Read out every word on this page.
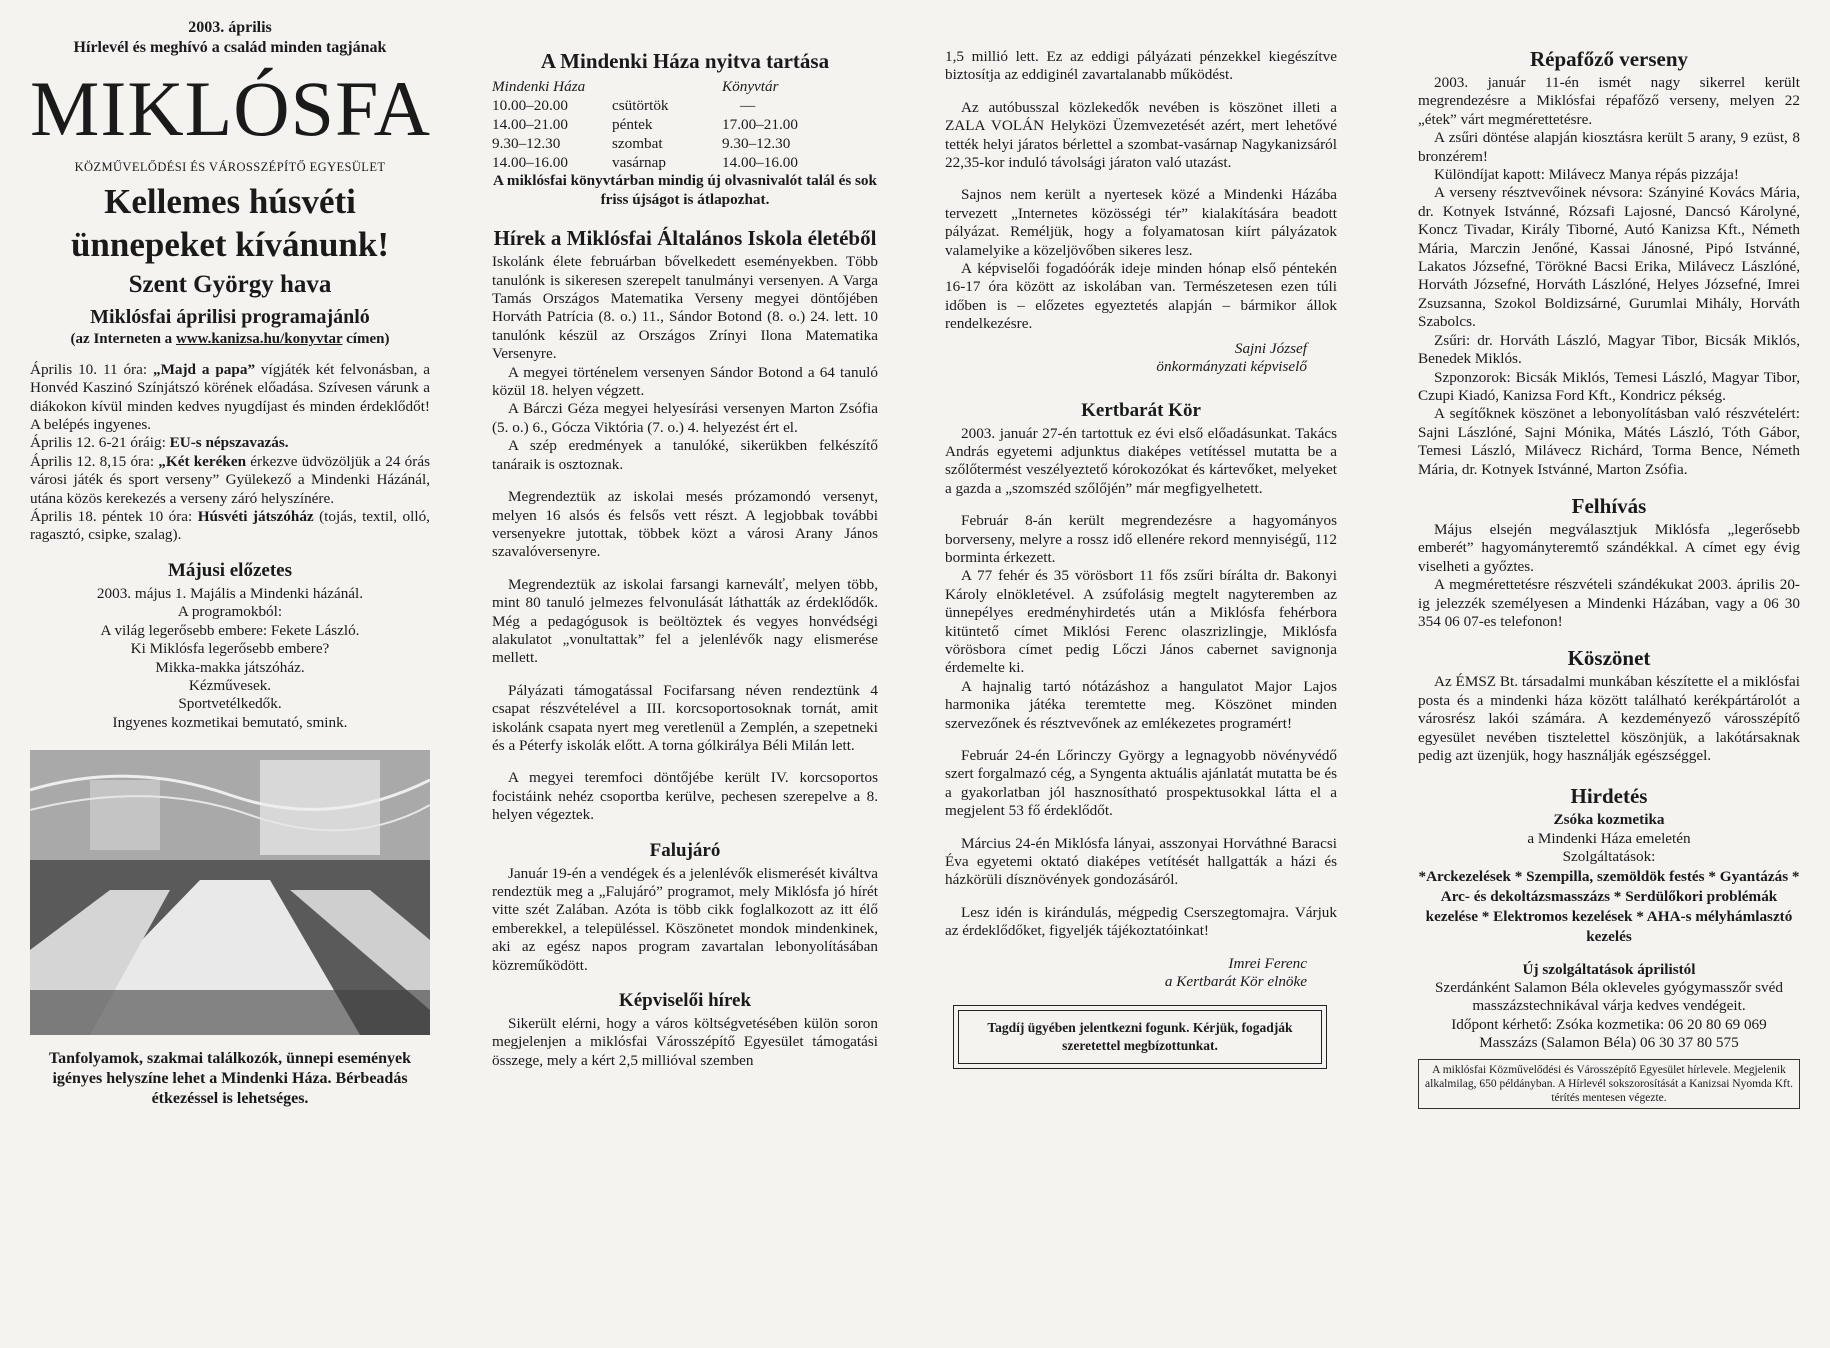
2003. április
Hírlevél és meghívó a család minden tagjának
MIKLÓSFA
KÖZMŰVELŐDÉSI ÉS VÁROSSZÉPÍTŐ EGYESÜLET
Kellemes húsvéti
ünnepeket kívánunk!
Szent György hava
Miklósfai áprilisi programajánló
(az Interneten a www.kanizsa.hu/konyvtar címen)

Április 10. 11 óra: „Majd a papa” vígjáték két felvonásban, a Honvéd Kaszinó Színjátszó körének előadása. Szívesen várunk a diákokon kívül minden kedves nyugdíjast és minden érdeklődőt! A belépés ingyenes.

Április 12. 6-21 óráig: EU-s népszavazás.

Április 12. 8,15 óra: „Két keréken érkezve üdvözöljük a 24 órás városi játék és sport verseny” Gyülekező a Mindenki Házánál, utána közös kerekezés a verseny záró helyszínére.

Április 18. péntek 10 óra: Húsvéti játszóház (tojás, textil, olló, ragasztó, csipke, szalag).

Májusi előzetes
2003. május 1. Majális a Mindenki házánál.
A programokból:
A világ legerősebb embere: Fekete László.
Ki Miklósfa legerősebb embere?
Mikka-makka játszóház.
Kézművesek.
Sportvetélkedők.
Ingyenes kozmetikai bemutató, smink.
Tanfolyamok, szakmai találkozók, ünnepi események igényes helyszíne lehet a Mindenki Háza. Bérbeadás étkezéssel is lehetséges.
A Mindenki Háza nyitva tartása
Mindenki Háza		Könyvtár
10.00–20.00	csütörtök	—
14.00–21.00	péntek	17.00–21.00
9.30–12.30	szombat	9.30–12.30
14.00–16.00	vasárnap	14.00–16.00
A miklósfai könyvtárban mindig új olvasnivalót talál és sok friss újságot is átlapozhat.
Hírek a Miklósfai Általános Iskola életéből

Iskolánk élete februárban bővelkedett eseményekben. Több tanulónk is sikeresen szerepelt tanulmányi versenyen. A Varga Tamás Országos Matematika Verseny megyei döntőjében Horváth Patrícia (8. o.) 11., Sándor Botond (8. o.) 24. lett. 10 tanulónk készül az Országos Zrínyi Ilona Matematika Versenyre.

A megyei történelem versenyen Sándor Botond a 64 tanuló közül 18. helyen végzett.

A Bárczi Géza megyei helyesírási versenyen Marton Zsófia (5. o.) 6., Gócza Viktória (7. o.) 4. helyezést ért el.

A szép eredmények a tanulóké, sikerükben felkészítő tanáraik is osztoznak.

Megrendeztük az iskolai mesés prózamondó versenyt, melyen 16 alsós és felsős vett részt. A legjobbak további versenyekre jutottak, többek közt a városi Arany János szavalóversenyre.

Megrendeztük az iskolai farsangi karneválť, melyen több, mint 80 tanuló jelmezes felvonulását láthatták az érdeklődők. Még a pedagógusok is beöltöztek és vegyes honvédségi alakulatot „vonultattak” fel a jelenlévők nagy elismerése mellett.

Pályázati támogatással Focifarsang néven rendeztünk 4 csapat részvételével a III. korcsoportosoknak tornát, amit iskolánk csapata nyert meg veretlenül a Zemplén, a szepetneki és a Péterfy iskolák előtt. A torna gólkirálya Béli Milán lett.

A megyei teremfoci döntőjébe került IV. korcsoportos focistáink nehéz csoportba kerülve, pechesen szerepelve a 8. helyen végeztek.

Falujáró

Január 19-én a vendégek és a jelenlévők elismerését kiváltva rendeztük meg a „Falujáró” programot, mely Miklósfa jó hírét vitte szét Zalában. Azóta is több cikk foglalkozott az itt élő emberekkel, a településsel. Köszönetet mondok mindenkinek, aki az egész napos program zavartalan lebonyolításában közreműködött.

Képviselői hírek

Sikerült elérni, hogy a város költségvetésében külön soron megjelenjen a miklósfai Városszépítő Egyesület támogatási összege, mely a kért 2,5 millióval szemben

1,5 millió lett. Ez az eddigi pályázati pénzekkel kiegészítve biztosítja az eddiginél zavartalanabb működést.

Az autóbusszal közlekedők nevében is köszönet illeti a ZALA VOLÁN Helyközi Üzemvezetését azért, mert lehetővé tették helyi járatos bérlettel a szombat-vasárnap Nagykanizsáról 22,35-kor induló távolsági járaton való utazást.

Sajnos nem került a nyertesek közé a Mindenki Házába tervezett „Internetes közösségi tér” kialakítására beadott pályázat. Reméljük, hogy a folyamatosan kiírt pályázatok valamelyike a közeljövőben sikeres lesz.

A képviselői fogadóórák ideje minden hónap első péntekén 16-17 óra között az iskolában van. Természetesen ezen túli időben is – előzetes egyeztetés alapján – bármikor állok rendelkezésre.

Sajni József
önkormányzati képviselő
Kertbarát Kör

2003. január 27-én tartottuk ez évi első előadásunkat. Takács András egyetemi adjunktus diaképes vetítéssel mutatta be a szőlőtermést veszélyeztető kórokozókat és kártevőket, melyeket a gazda a „szomszéd szőlőjén” már megfigyelhetett.

Február 8-án került megrendezésre a hagyományos borverseny, melyre a rossz idő ellenére rekord mennyiségű, 112 borminta érkezett.

A 77 fehér és 35 vörösbort 11 fős zsűri bírálta dr. Bakonyi Károly elnökletével. A zsúfolásig megtelt nagyteremben az ünnepélyes eredményhirdetés után a Miklósfa fehérbora kitüntető címet Miklósi Ferenc olaszrizlingje, Miklósfa vörösbora címet pedig Lőczi János cabernet savignonja érdemelte ki.

A hajnalig tartó nótázáshoz a hangulatot Major Lajos harmonika játéka teremtette meg. Köszönet minden szervezőnek és résztvevőnek az emlékezetes programért!

Február 24-én Lőrinczy György a legnagyobb növényvédő szert forgalmazó cég, a Syngenta aktuális ajánlatát mutatta be és a gyakorlatban jól hasznosítható prospektusokkal látta el a megjelent 53 fő érdeklődőt.

Március 24-én Miklósfa lányai, asszonyai Horváthné Baracsi Éva egyetemi oktató diaképes vetítését hallgatták a házi és házkörüli dísznövények gondozásáról.

Lesz idén is kirándulás, mégpedig Cserszegtomajra. Várjuk az érdeklődőket, figyeljék tájékoztatóinkat!

Imrei Ferenc
a Kertbarát Kör elnöke
Tagdíj ügyében jelentkezni fogunk. Kérjük, fogadják szeretettel megbízottunkat.
Répafőző verseny

2003. január 11-én ismét nagy sikerrel került megrendezésre a Miklósfai répafőző verseny, melyen 22 „étek” várt megmérettetésre.

A zsűri döntése alapján kiosztásra került 5 arany, 9 ezüst, 8 bronzérem!

Különdíjat kapott: Milávecz Manya répás pizzája!

A verseny résztvevőinek névsora: Szányiné Kovács Mária, dr. Kotnyek Istvánné, Rózsafi Lajosné, Dancsó Károlyné, Koncz Tivadar, Király Tiborné, Autó Kanizsa Kft., Németh Mária, Marczin Jenőné, Kassai Jánosné, Pipó Istvánné, Lakatos Józsefné, Törökné Bacsi Erika, Milávecz Lászlóné, Horváth Józsefné, Horváth Lászlóné, Helyes Józsefné, Imrei Zsuzsanna, Szokol Boldizsárné, Gurumlai Mihály, Horváth Szabolcs.

Zsűri: dr. Horváth László, Magyar Tibor, Bicsák Miklós, Benedek Miklós.

Szponzorok: Bicsák Miklós, Temesi László, Magyar Tibor, Czupi Kiadó, Kanizsa Ford Kft., Kondricz pékség.

A segítőknek köszönet a lebonyolításban való részvételért: Sajni Lászlóné, Sajni Mónika, Mátés László, Tóth Gábor, Temesi László, Milávecz Richárd, Torma Bence, Németh Mária, dr. Kotnyek Istvánné, Marton Zsófia.

Felhívás

Május elsején megválasztjuk Miklósfa „legerősebb emberét” hagyományteremtő szándékkal. A címet egy évig viselheti a győztes.

A megmérettetésre részvételi szándékukat 2003. április 20-ig jelezzék személyesen a Mindenki Házában, vagy a 06 30 354 06 07-es telefonon!

Köszönet

Az ÉMSZ Bt. társadalmi munkában készítette el a miklósfai posta és a mindenki háza között található kerékpártárolót a városrész lakói számára. A kezdeményező városszépítő egyesület nevében tisztelettel köszönjük, a lakótársaknak pedig azt üzenjük, hogy használják egészséggel.

Hirdetés
Zsóka kozmetika
a Mindenki Háza emeletén
Szolgáltatások:
*Arckezelések * Szempilla, szemöldök festés * Gyantázás * Arc- és dekoltázsmasszázs * Serdülőkori problémák kezelése * Elektromos kezelések * AHA-s mélyhámlasztó kezelés
Új szolgáltatások áprilistól
Szerdánként Salamon Béla okleveles gyógymasszőr svéd masszázstechnikával várja kedves vendégeit.
Időpont kérhető: Zsóka kozmetika: 06 20 80 69 069
Masszázs (Salamon Béla) 06 30 37 80 575
A miklósfai Közművelődési és Városszépítő Egyesület hírlevele. Megjelenik alkalmilag, 650 példányban. A Hírlevél sokszorosítását a Kanizsai Nyomda Kft. térítés mentesen végezte.
